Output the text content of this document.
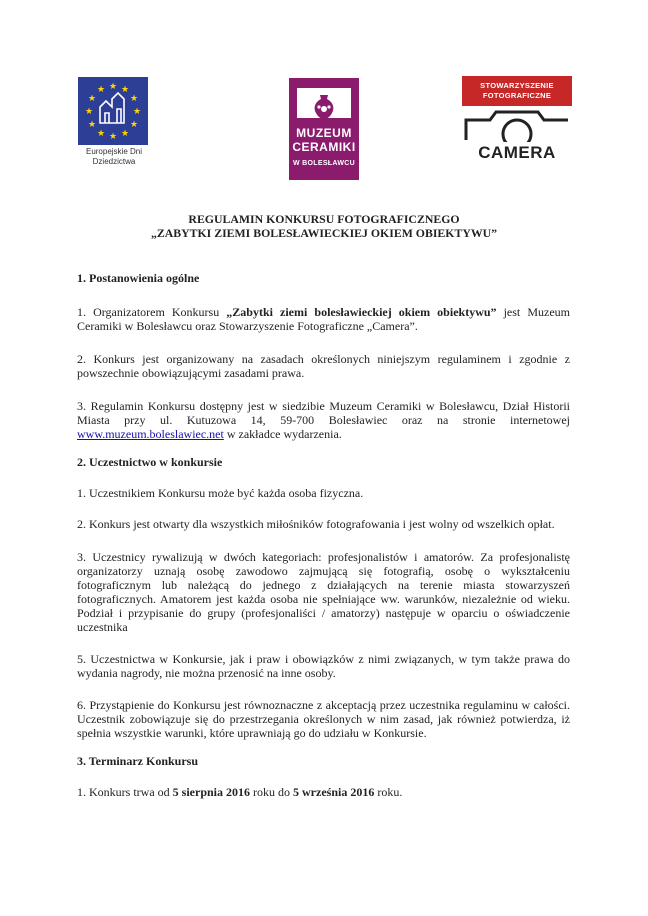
★ ★
★
★
★
★
★
★
★
★
★
★
Europejskie Dni
Dziedzictwa
MUZEUM
CERAMIKI
W BOLESŁAWCU
STOWARZYSZENIE
FOTOGRAFICZNE
CAMERA
REGULAMIN KONKURSU FOTOGRAFICZNEGO
„ZABYTKI ZIEMI BOLESŁAWIECKIEJ OKIEM OBIEKTYWU”

1. Postanowienia ogólne

1. Organizatorem Konkursu „Zabytki ziemi bolesławieckiej okiem obiektywu” jest Muzeum Ceramiki w Bolesławcu oraz Stowarzyszenie Fotograficzne „Camera”.

2. Konkurs jest organizowany na zasadach określonych niniejszym regulaminem i zgodnie z powszechnie obowiązującymi zasadami prawa.

3. Regulamin Konkursu dostępny jest w siedzibie Muzeum Ceramiki w Bolesławcu, Dział Historii Miasta przy ul. Kutuzowa 14, 59-700 Bolesławiec oraz na stronie internetowej www.muzeum.boleslawiec.net w zakładce wydarzenia.

2. Uczestnictwo w konkursie

1. Uczestnikiem Konkursu może być każda osoba fizyczna.

2. Konkurs jest otwarty dla wszystkich miłośników fotografowania i jest wolny od wszelkich opłat.

3. Uczestnicy rywalizują w dwóch kategoriach: profesjonalistów i amatorów. Za profesjonalistę organizatorzy uznają osobę zawodowo zajmującą się fotografią, osobę o wykształceniu fotograficznym lub należącą do jednego z działających na terenie miasta stowarzyszeń fotograficznych. Amatorem jest każda osoba nie spełniające ww. warunków, niezależnie od wieku. Podział i przypisanie do grupy (profesjonaliści / amatorzy) następuje w oparciu o oświadczenie uczestnika

5. Uczestnictwa w Konkursie, jak i praw i obowiązków z nimi związanych, w tym także prawa do wydania nagrody, nie można przenosić na inne osoby.

6. Przystąpienie do Konkursu jest równoznaczne z akceptacją przez uczestnika regulaminu w całości. Uczestnik zobowiązuje się do przestrzegania określonych w nim zasad, jak również potwierdza, iż spełnia wszystkie warunki, które uprawniają go do udziału w Konkursie.

3. Terminarz Konkursu

1. Konkurs trwa od 5 sierpnia 2016 roku do 5 września 2016 roku.
